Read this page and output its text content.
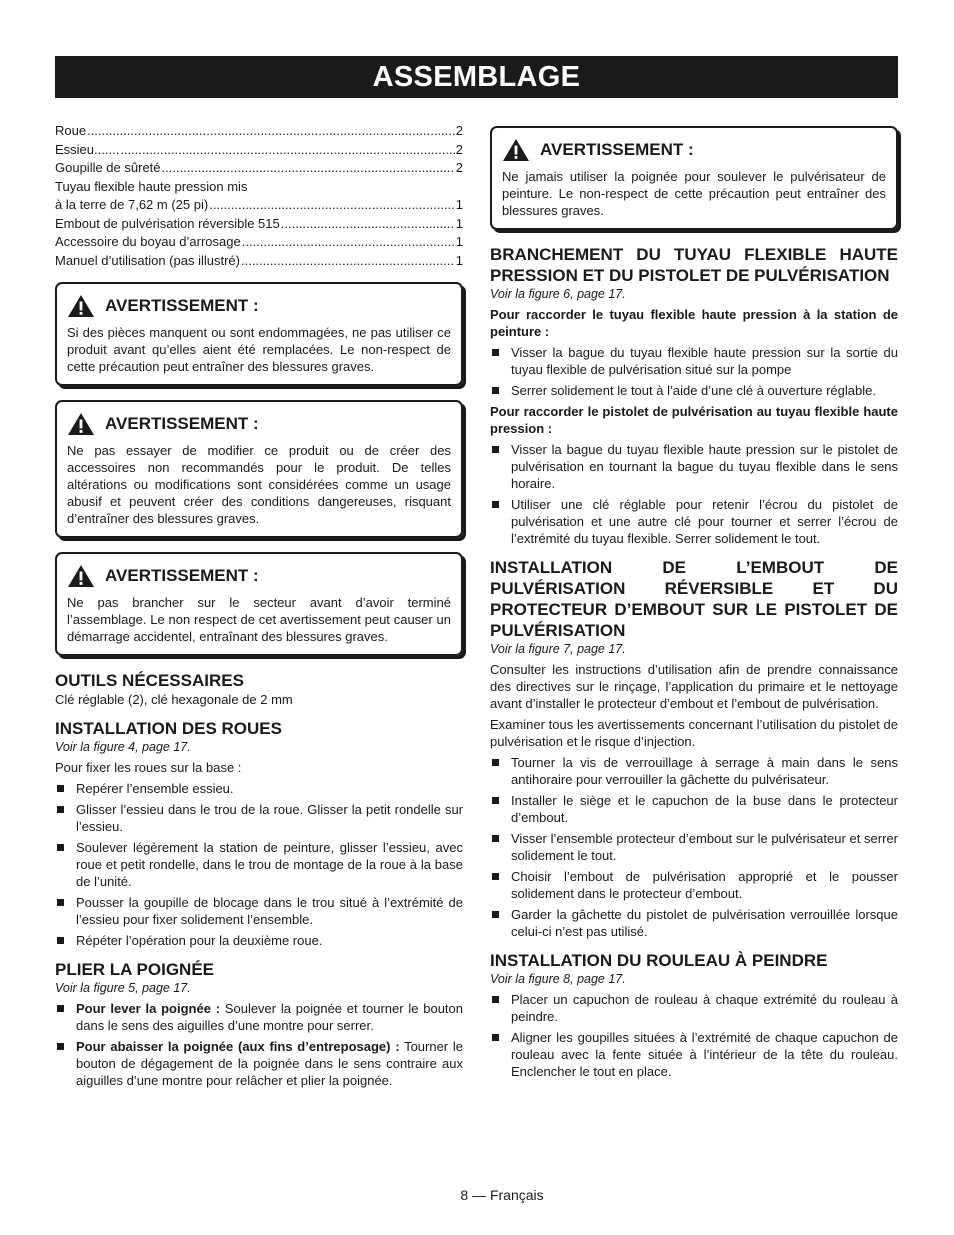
ASSEMBLAGE
Roue .....	2
Essieu....... .....	2
Goupille de sûreté .....	2
Tuyau flexible haute pression mis
à la terre de 7,62 m (25 pi) .....	1
Embout de pulvérisation réversible 515 .....	1
Accessoire du boyau d’arrosage .....	1
Manuel d’utilisation (pas illustré) .....	1
AVERTISSEMENT :
Si des pièces manquent ou sont endommagées, ne pas utiliser ce produit avant qu’elles aient été remplacées. Le non-respect de cette précaution peut entraîner des blessures graves.
AVERTISSEMENT :
Ne pas essayer de modifier ce produit ou de créer des accessoires non recommandés pour le produit. De telles altérations ou modifications sont considérées comme un usage abusif et peuvent créer des conditions dangereuses, risquant d’entraîner des blessures graves.
AVERTISSEMENT :
Ne pas brancher sur le secteur avant d’avoir terminé l’assemblage. Le non respect de cet avertissement peut causer un démarrage accidentel, entraînant des blessures graves.
OUTILS NÉCESSAIRES

Clé réglable (2), clé hexagonale de 2 mm

INSTALLATION DES ROUES
Voir la figure 4, page 17.

Pour fixer les roues sur la base :

Repérer l’ensemble essieu.
Glisser l’essieu dans le trou de la roue. Glisser la petit rondelle sur l’essieu.
Soulever légèrement la station de peinture, glisser l’essieu, avec roue et petit rondelle, dans le trou de montage de la roue à la base de l’unité.
Pousser la goupille de blocage dans le trou situé à l’extrémité de l’essieu pour fixer solidement l’ensemble.
Répéter l’opération pour la deuxième roue.
PLIER LA POIGNÉE
Voir la figure 5, page 17.
Pour lever la poignée : Soulever la poignée et tourner le bouton dans le sens des aiguilles d’une montre pour serrer.
Pour abaisser la poignée (aux fins d’entreposage) : Tourner le bouton de dégagement de la poignée dans le sens contraire aux aiguilles d’une montre pour relâcher et plier la poignée.
AVERTISSEMENT :
Ne jamais utiliser la poignée pour soulever le pulvérisateur de peinture. Le non-respect de cette précaution peut entraîner des blessures graves.
BRANCHEMENT DU TUYAU FLEXIBLE HAUTE PRESSION ET DU PISTOLET DE PULVÉRISATION
Voir la figure 6, page 17.

Pour raccorder le tuyau flexible haute pression à la station de peinture :

Visser la bague du tuyau flexible haute pression sur la sortie du tuyau flexible de pulvérisation situé sur la pompe
Serrer solidement le tout à l’aide d’une clé à ouverture réglable.

Pour raccorder le pistolet de pulvérisation au tuyau flexible haute pression :

Visser la bague du tuyau flexible haute pression sur le pistolet de pulvérisation en tournant la bague du tuyau flexible dans le sens horaire.
Utiliser une clé réglable pour retenir l’écrou du pistolet de pulvérisation et une autre clé pour tourner et serrer l’écrou de l’extrémité du tuyau flexible. Serrer solidement le tout.
INSTALLATION DE L’EMBOUT DE PULVÉRISATION RÉVERSIBLE ET DU PROTECTEUR D’EMBOUT SUR LE PISTOLET DE PULVÉRISATION
Voir la figure 7, page 17.

Consulter les instructions d’utilisation afin de prendre connaissance des directives sur le rinçage, l’application du primaire et le nettoyage avant d’installer le protecteur d’embout et l’embout de pulvérisation.

Examiner tous les avertissements concernant l’utilisation du pistolet de pulvérisation et le risque d’injection.

Tourner la vis de verrouillage à serrage à main dans le sens antihoraire pour verrouiller la gâchette du pulvérisateur.
Installer le siège et le capuchon de la buse dans le protecteur d’embout.
Visser l’ensemble protecteur d’embout sur le pulvérisateur et serrer solidement le tout.
Choisir l’embout de pulvérisation approprié et le pousser solidement dans le protecteur d’embout.
Garder la gâchette du pistolet de pulvérisation verrouillée lorsque celui-ci n’est pas utilisé.
INSTALLATION DU ROULEAU À PEINDRE
Voir la figure 8, page 17.
Placer un capuchon de rouleau à chaque extrémité du rouleau à peindre.
Aligner les goupilles situées à l’extrémité de chaque capuchon de rouleau avec la fente située à l’intérieur de la tête du rouleau. Enclencher le tout en place.
8 — Français
